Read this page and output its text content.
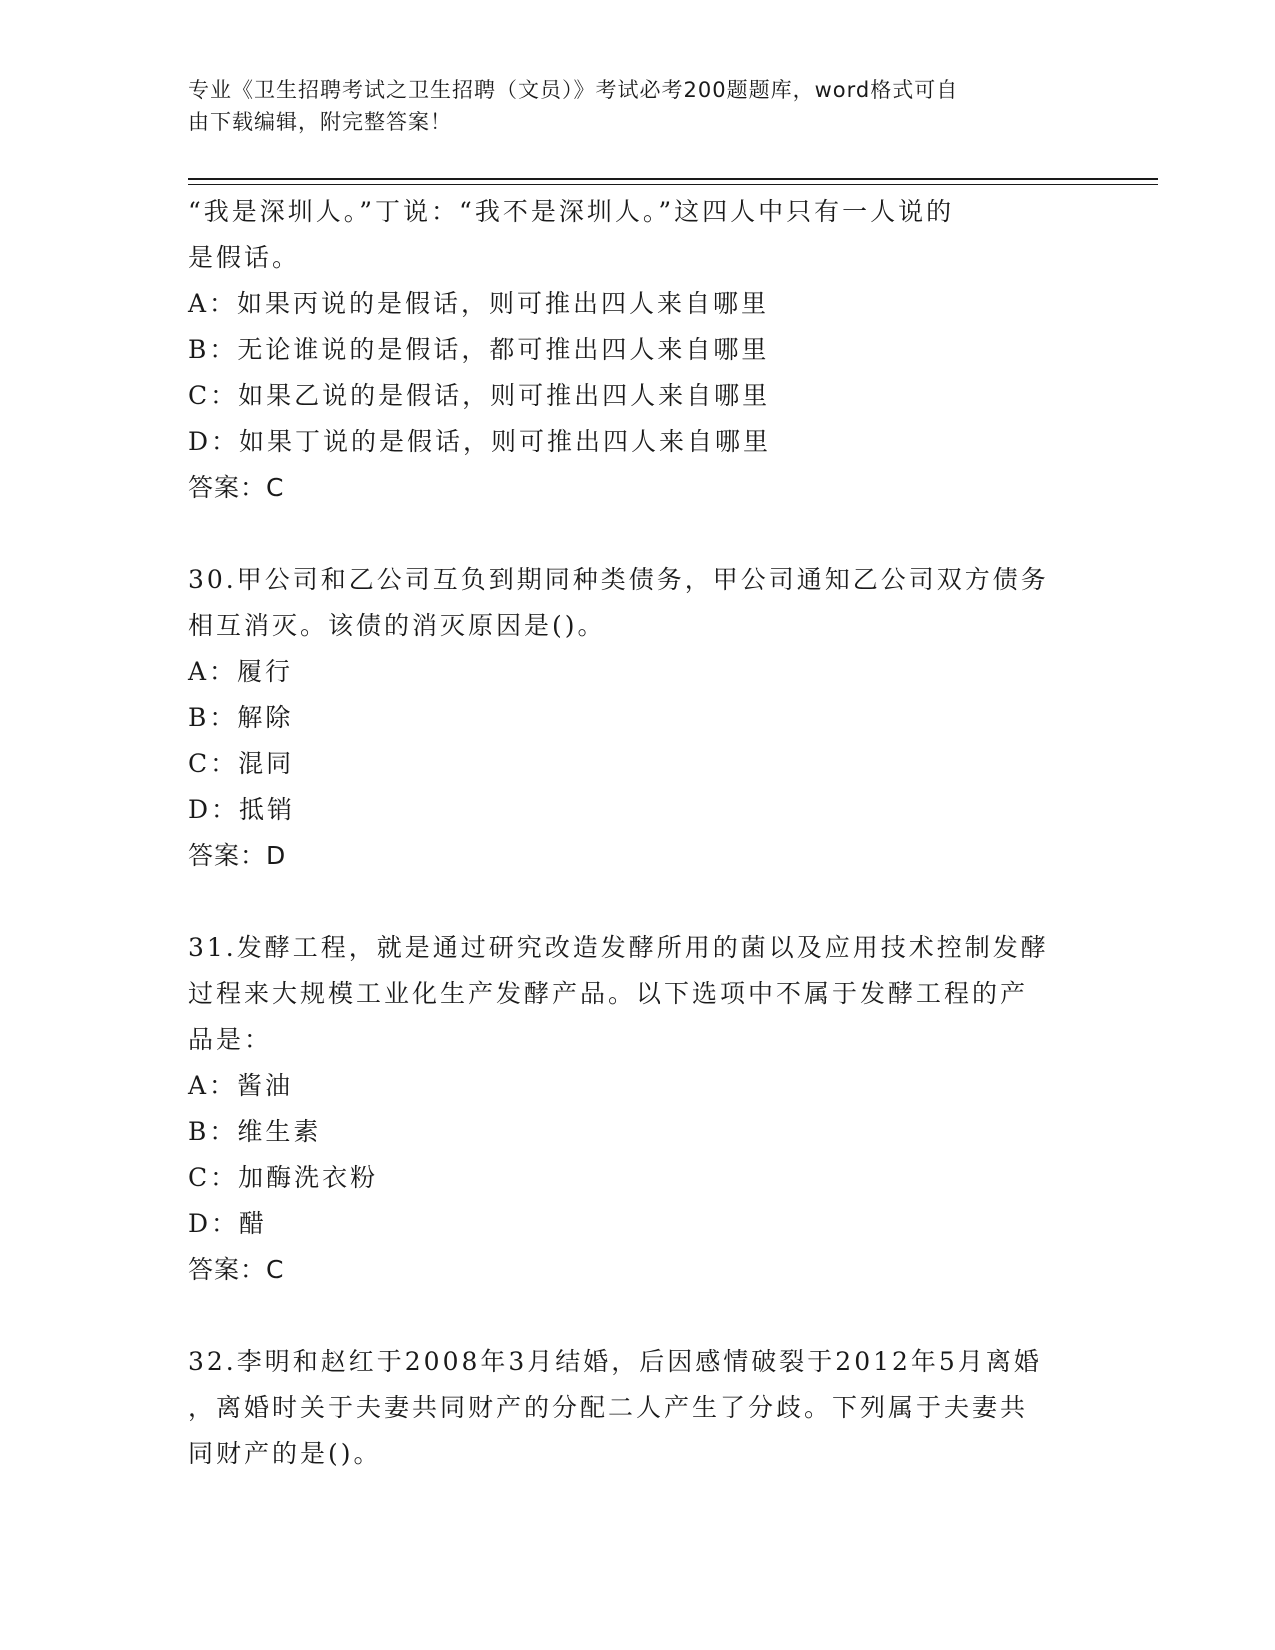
专业《卫生招聘考试之卫生招聘（文员）》考试必考200题题库，word格式可自
由下载编辑，附完整答案！
“我是深圳人。”丁说：“我不是深圳人。”这四人中只有一人说的
是假话。
A：如果丙说的是假话，则可推出四人来自哪里
B：无论谁说的是假话，都可推出四人来自哪里
C：如果乙说的是假话，则可推出四人来自哪里
D：如果丁说的是假话，则可推出四人来自哪里
答案：C
30.甲公司和乙公司互负到期同种类债务，甲公司通知乙公司双方债务
相互消灭。该债的消灭原因是()。
A：履行
B：解除
C：混同
D：抵销
答案：D
31.发酵工程，就是通过研究改造发酵所用的菌以及应用技术控制发酵
过程来大规模工业化生产发酵产品。以下选项中不属于发酵工程的产
品是：
A：酱油
B：维生素
C：加酶洗衣粉
D：醋
答案：C
32.李明和赵红于2008年3月结婚，后因感情破裂于2012年5月离婚
，离婚时关于夫妻共同财产的分配二人产生了分歧。下列属于夫妻共
同财产的是()。
